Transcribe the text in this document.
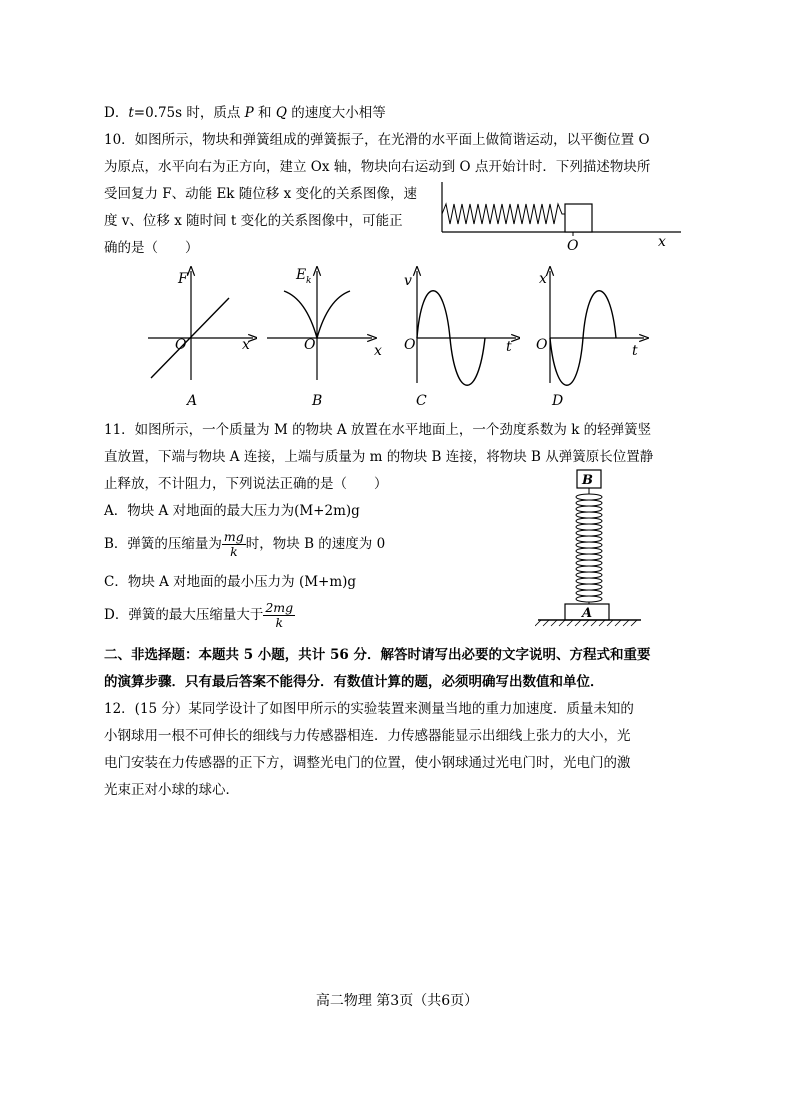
D．t=0.75s 时，质点 P 和 Q 的速度大小相等
10．如图所示，物块和弹簧组成的弹簧振子，在光滑的水平面上做简谐运动，以平衡位置 O
为原点，水平向右为正方向，建立 Ox 轴，物块向右运动到 O 点开始计时．下列描述物块所
受回复力 F、动能 Ek 随位移 x 变化的关系图像，速
度 v、位移 x 随时间 t 变化的关系图像中，可能正
确的是（　　）	O	x
F
x
O
A
E k
x
O
B
v
t
O
C
x
t
O
D
11．如图所示，一个质量为 M 的物块 A 放置在水平地面上，一个劲度系数为 k 的轻弹簧竖
直放置，下端与物块 A 连接，上端与质量为 m 的物块 B 连接，将物块 B 从弹簧原长位置静
止释放，不计阻力，下列说法正确的是（　　）
A．物块 A 对地面的最大压力为(M+2m)g
B．弹簧的压缩量为 $\frac{mg}{k}$ 时，物块 B 的速度为 0
C．物块 A 对地面的最小压力为 (M+m)g
D．弹簧的最大压缩量大于 $\frac{2mg}{k}$
B
A
二、非选择题：本题共 5 小题，共计 56 分．解答时请写出必要的文字说明、方程式和重要
的演算步骤．只有最后答案不能得分．有数值计算的题，必须明确写出数值和单位．
12．(15 分）某同学设计了如图甲所示的实验装置来测量当地的重力加速度．质量未知的
小钢球用一根不可伸长的细线与力传感器相连．力传感器能显示出细线上张力的大小，光
电门安装在力传感器的正下方，调整光电门的位置，使小钢球通过光电门时，光电门的激
光束正对小球的球心．
高二物理 第3页（共6页）
